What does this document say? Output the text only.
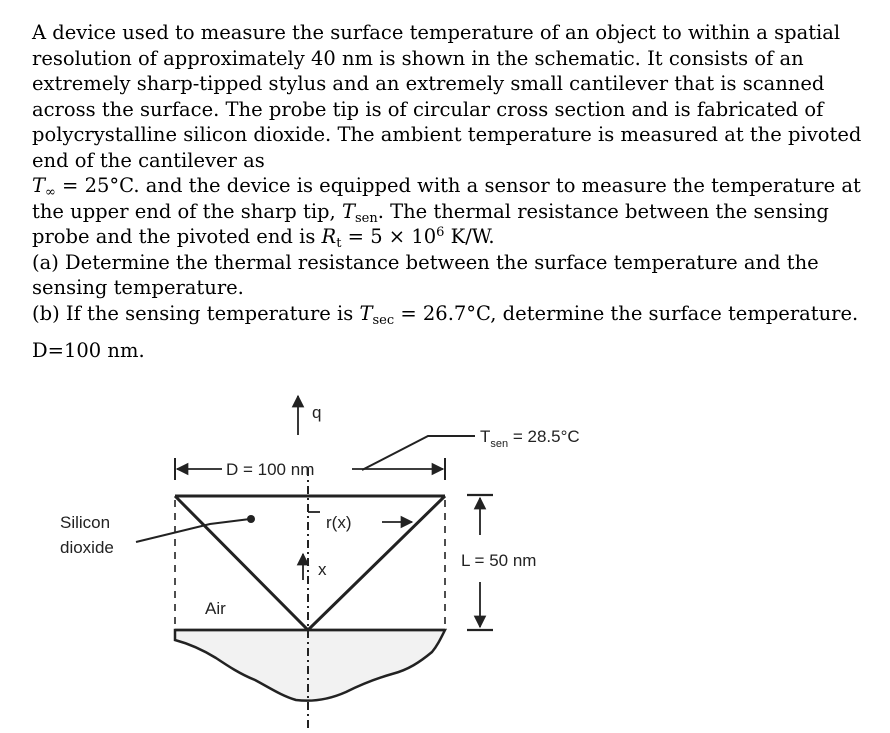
A device used to measure the surface temperature of an object to within a spatial resolution of approximately 40 nm is shown in the schematic. It consists of an extremely sharp-tipped stylus and an extremely small cantilever that is scanned across the surface. The probe tip is of circular cross section and is fabricated of polycrystalline silicon dioxide. The ambient temperature is measured at the pivoted end of the cantilever as
$T_\infty = 25^\circ C$. and the device is equipped with a sensor to measure the temperature at the upper end of the sharp tip, $T_{sen}$. The thermal resistance between the sensing probe and the pivoted end is $R_t = 5 \times 10^6$ K/W.

(a) Determine the thermal resistance between the surface temperature and the sensing temperature.

(b) If the sensing temperature is $T_{sec} = 26.7^\circ C$, determine the surface temperature.

D=100 nm.

D = 100 nm
q
$T_{sen} = 28.5^\circ C$
r(x)
x
Silicon
dioxide
Air
L = 50 nm
